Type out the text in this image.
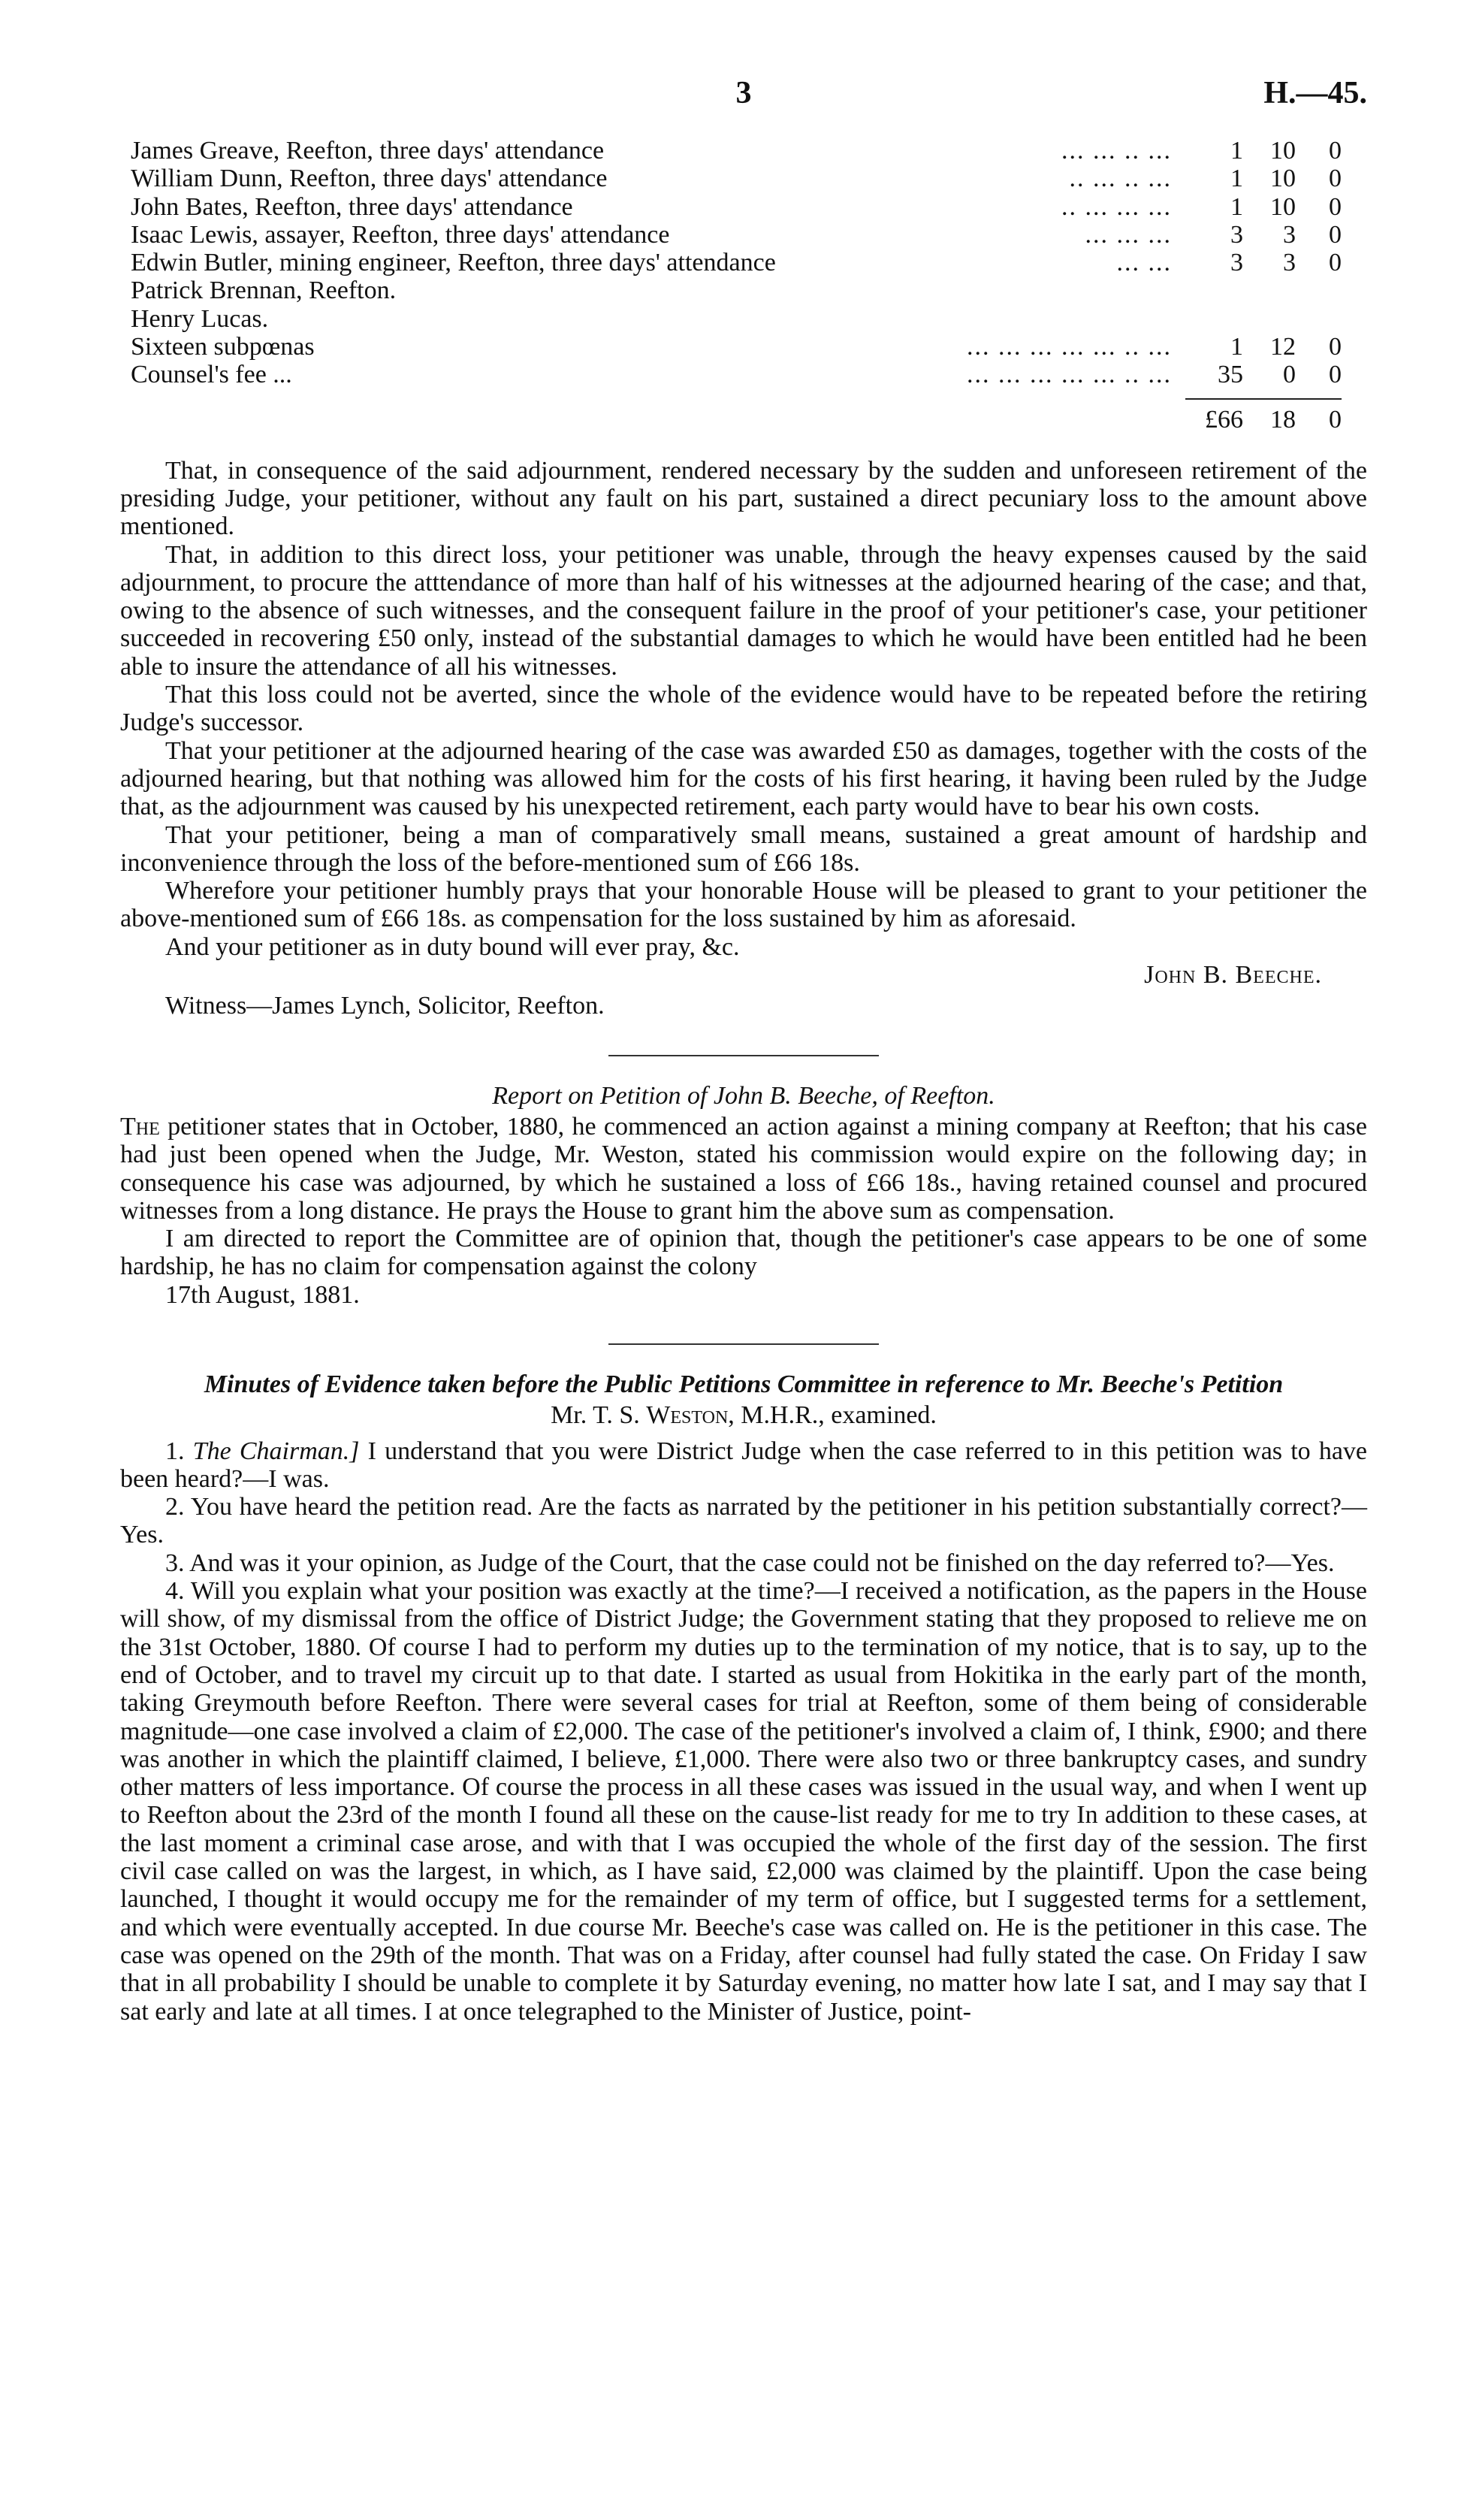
3	H.—45.
James Greave, Reefton, three days' attendance	... ... .. ...	1	10	0
William Dunn, Reefton, three days' attendance	.. ... .. ...	1	10	0
John Bates, Reefton, three days' attendance	.. ... ... ...	1	10	0
Isaac Lewis, assayer, Reefton, three days' attendance	... ... ...	3	3	0
Edwin Butler, mining engineer, Reefton, three days' attendance	... ...	3	3	0
Patrick Brennan, Reefton.
Henry Lucas.
Sixteen subpœnas	... ... ... ... ... .. ...	1	12	0
Counsel's fee ...	... ... ... ... ... .. ...	35	0	0
£66	18	0

That, in consequence of the said adjournment, rendered necessary by the sudden and unforeseen retirement of the presiding Judge, your petitioner, without any fault on his part, sustained a direct pecuniary loss to the amount above mentioned.

That, in addition to this direct loss, your petitioner was unable, through the heavy expenses caused by the said adjournment, to procure the atttendance of more than half of his witnesses at the adjourned hearing of the case; and that, owing to the absence of such witnesses, and the consequent failure in the proof of your petitioner's case, your petitioner succeeded in recovering £50 only, instead of the substantial damages to which he would have been entitled had he been able to insure the attendance of all his witnesses.

That this loss could not be averted, since the whole of the evidence would have to be repeated before the retiring Judge's successor.

That your petitioner at the adjourned hearing of the case was awarded £50 as damages, together with the costs of the adjourned hearing, but that nothing was allowed him for the costs of his first hearing, it having been ruled by the Judge that, as the adjournment was caused by his unexpected retirement, each party would have to bear his own costs.

That your petitioner, being a man of comparatively small means, sustained a great amount of hardship and inconvenience through the loss of the before-mentioned sum of £66 18s.

Wherefore your petitioner humbly prays that your honorable House will be pleased to grant to your petitioner the above-mentioned sum of £66 18s. as compensation for the loss sustained by him as aforesaid.

And your petitioner as in duty bound will ever pray, &c.

John B. Beeche.
Witness—James Lynch, Solicitor, Reefton.
Report on Petition of John B. Beeche, of Reefton.

The petitioner states that in October, 1880, he commenced an action against a mining company at Reefton; that his case had just been opened when the Judge, Mr. Weston, stated his commission would expire on the following day; in consequence his case was adjourned, by which he sustained a loss of £66 18s., having retained counsel and procured witnesses from a long distance. He prays the House to grant him the above sum as compensation.

I am directed to report the Committee are of opinion that, though the petitioner's case appears to be one of some hardship, he has no claim for compensation against the colony

17th August, 1881.
Minutes of Evidence taken before the Public Petitions Committee in reference to Mr. Beeche's Petition
Mr. T. S. Weston, M.H.R., examined.

1. The Chairman.] I understand that you were District Judge when the case referred to in this petition was to have been heard?—I was.

2. You have heard the petition read. Are the facts as narrated by the petitioner in his petition substantially correct?—Yes.

3. And was it your opinion, as Judge of the Court, that the case could not be finished on the day referred to?—Yes.

4. Will you explain what your position was exactly at the time?—I received a notification, as the papers in the House will show, of my dismissal from the office of District Judge; the Government stating that they proposed to relieve me on the 31st October, 1880. Of course I had to perform my duties up to the termination of my notice, that is to say, up to the end of October, and to travel my circuit up to that date. I started as usual from Hokitika in the early part of the month, taking Greymouth before Reefton. There were several cases for trial at Reefton, some of them being of considerable magnitude—one case involved a claim of £2,000. The case of the petitioner's involved a claim of, I think, £900; and there was another in which the plaintiff claimed, I believe, £1,000. There were also two or three bankruptcy cases, and sundry other matters of less importance. Of course the process in all these cases was issued in the usual way, and when I went up to Reefton about the 23rd of the month I found all these on the cause-list ready for me to try In addition to these cases, at the last moment a criminal case arose, and with that I was occupied the whole of the first day of the session. The first civil case called on was the largest, in which, as I have said, £2,000 was claimed by the plaintiff. Upon the case being launched, I thought it would occupy me for the remainder of my term of office, but I suggested terms for a settlement, and which were eventually accepted. In due course Mr. Beeche's case was called on. He is the petitioner in this case. The case was opened on the 29th of the month. That was on a Friday, after counsel had fully stated the case. On Friday I saw that in all probability I should be unable to complete it by Saturday evening, no matter how late I sat, and I may say that I sat early and late at all times. I at once telegraphed to the Minister of Justice, point-
